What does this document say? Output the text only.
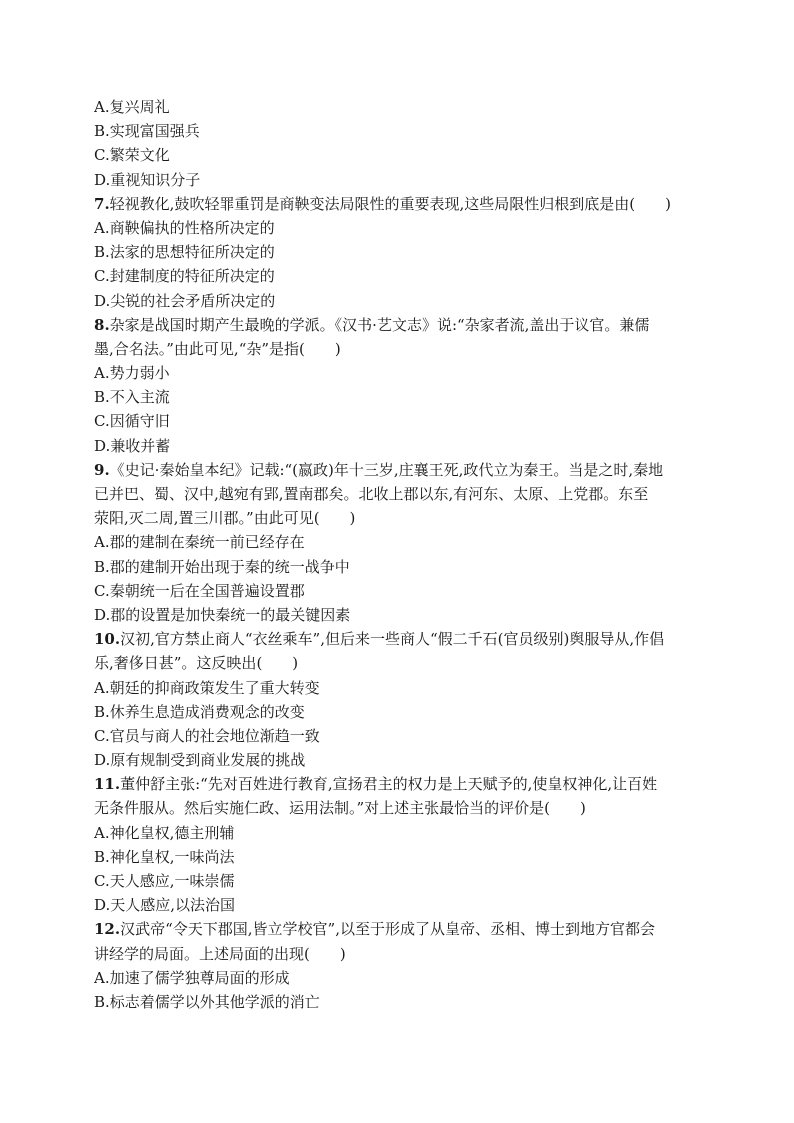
A.复兴周礼
B.实现富国强兵
C.繁荣文化
D.重视知识分子
7.轻视教化,鼓吹轻罪重罚是商鞅变法局限性的重要表现,这些局限性归根到底是由(　　)
A.商鞅偏执的性格所决定的
B.法家的思想特征所决定的
C.封建制度的特征所决定的
D.尖锐的社会矛盾所决定的
8.杂家是战国时期产生最晚的学派。《汉书·艺文志》说:“杂家者流,盖出于议官。兼儒
墨,合名法。”由此可见,“杂”是指(　　)
A.势力弱小
B.不入主流
C.因循守旧
D.兼收并蓄
9.《史记·秦始皇本纪》记载:“(嬴政)年十三岁,庄襄王死,政代立为秦王。当是之时,秦地
已并巴、蜀、汉中,越宛有郢,置南郡矣。北收上郡以东,有河东、太原、上党郡。东至
荥阳,灭二周,置三川郡。”由此可见(　　)
A.郡的建制在秦统一前已经存在
B.郡的建制开始出现于秦的统一战争中
C.秦朝统一后在全国普遍设置郡
D.郡的设置是加快秦统一的最关键因素
10.汉初,官方禁止商人“衣丝乘车”,但后来一些商人“假二千石(官员级别)舆服导从,作倡
乐,奢侈日甚”。这反映出(　　)
A.朝廷的抑商政策发生了重大转变
B.休养生息造成消费观念的改变
C.官员与商人的社会地位渐趋一致
D.原有规制受到商业发展的挑战
11.董仲舒主张:“先对百姓进行教育,宣扬君主的权力是上天赋予的,使皇权神化,让百姓
无条件服从。然后实施仁政、运用法制。”对上述主张最恰当的评价是(　　)
A.神化皇权,德主刑辅
B.神化皇权,一味尚法
C.天人感应,一味崇儒
D.天人感应,以法治国
12.汉武帝“令天下郡国,皆立学校官”,以至于形成了从皇帝、丞相、博士到地方官都会
讲经学的局面。上述局面的出现(　　)
A.加速了儒学独尊局面的形成
B.标志着儒学以外其他学派的消亡
